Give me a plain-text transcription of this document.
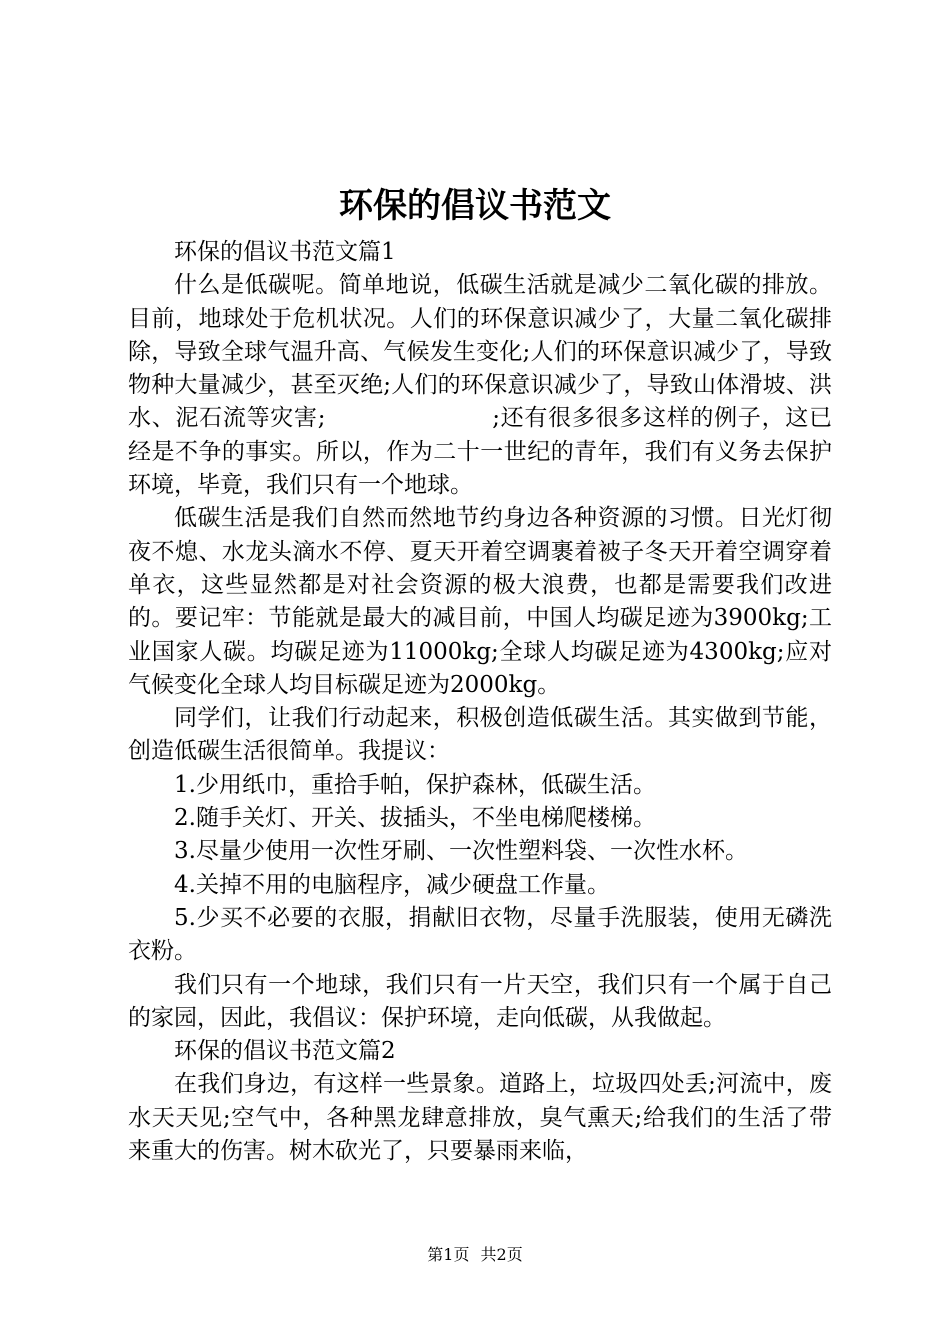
环保的倡议书范文

环保的倡议书范文篇1

什么是低碳呢。简单地说，低碳生活就是减少二氧化碳的排放。目前，地球处于危机状况。人们的环保意识减少了，大量二氧化碳排除，导致全球气温升高、气候发生变化;人们的环保意识减少了，导致物种大量减少，甚至灭绝;人们的环保意识减少了，导致山体滑坡、洪水、泥石流等灾害;　　　　　　　;还有很多很多这样的例子，这已经是不争的事实。所以，作为二十一世纪的青年，我们有义务去保护环境，毕竟，我们只有一个地球。

低碳生活是我们自然而然地节约身边各种资源的习惯。日光灯彻夜不熄、水龙头滴水不停、夏天开着空调裹着被子冬天开着空调穿着单衣，这些显然都是对社会资源的极大浪费，也都是需要我们改进的。要记牢：节能就是最大的减目前，中国人均碳足迹为3900kg;工业国家人碳。均碳足迹为11000kg;全球人均碳足迹为4300kg;应对气候变化全球人均目标碳足迹为2000kg。

同学们，让我们行动起来，积极创造低碳生活。其实做到节能，创造低碳生活很简单。我提议：

1.少用纸巾，重拾手帕，保护森林，低碳生活。

2.随手关灯、开关、拔插头，不坐电梯爬楼梯。

3.尽量少使用一次性牙刷、一次性塑料袋、一次性水杯。

4.关掉不用的电脑程序，减少硬盘工作量。

5.少买不必要的衣服，捐献旧衣物，尽量手洗服装，使用无磷洗衣粉。

我们只有一个地球，我们只有一片天空，我们只有一个属于自己的家园，因此，我倡议：保护环境，走向低碳，从我做起。

环保的倡议书范文篇2

在我们身边，有这样一些景象。道路上，垃圾四处丢;河流中，废水天天见;空气中，各种黑龙肆意排放，臭气熏天;给我们的生活了带来重大的伤害。树木砍光了，只要暴雨来临，

第1页 共2页
